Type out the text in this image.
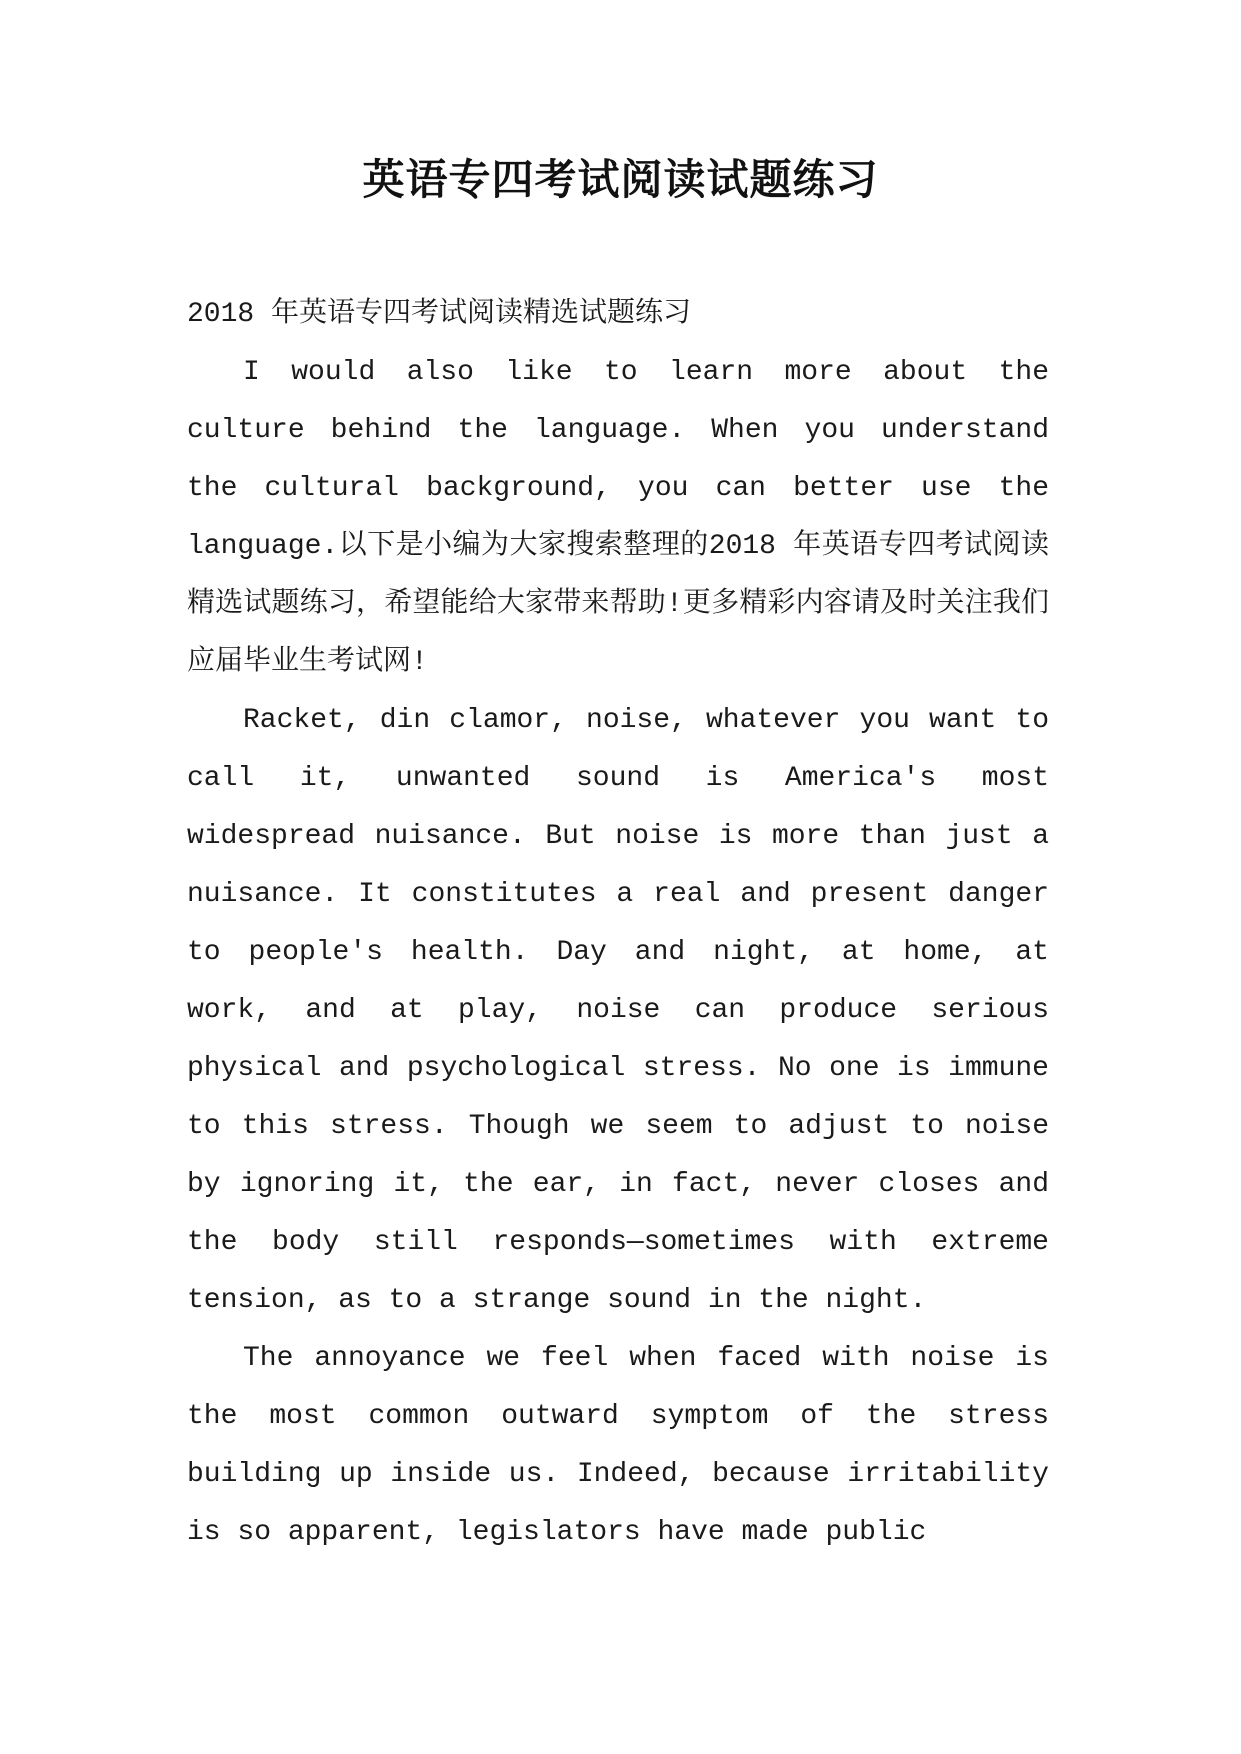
英语专四考试阅读试题练习

2018 年英语专四考试阅读精选试题练习

I would also like to learn more about the culture behind the language. When you understand the cultural background, you can better use the language.以下是小编为大家搜索整理的2018 年英语专四考试阅读精选试题练习，希望能给大家带来帮助!更多精彩内容请及时关注我们应届毕业生考试网!

Racket, din clamor, noise, whatever you want to call it, unwanted sound is America's most widespread nuisance. But noise is more than just a nuisance. It constitutes a real and present danger to people's health. Day and night, at home, at work, and at play, noise can produce serious physical and psychological stress. No one is immune to this stress. Though we seem to adjust to noise by ignoring it, the ear, in fact, never closes and the body still responds—sometimes with extreme tension, as to a strange sound in the night.

The annoyance we feel when faced with noise is the most common outward symptom of the stress building up inside us. Indeed, because irritability is so apparent, legislators have made public
